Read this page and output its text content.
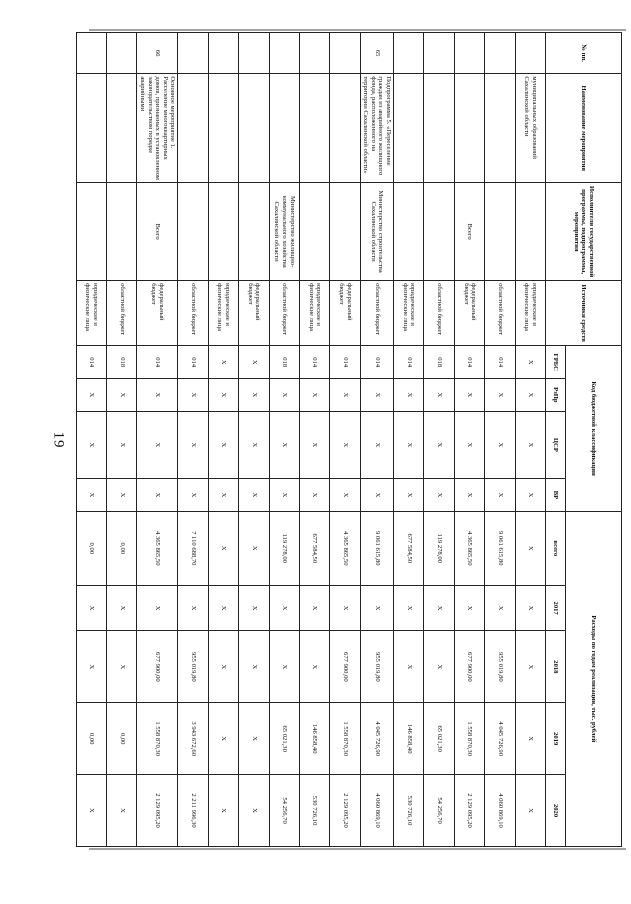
19
№ пп.	Наименование мероприятия	Исполнители государственной программы, подпрограммы, мероприятия	Источники средств	Код бюджетной классификации				Расходы по годам реализации, тыс. рублей				
				ГРБС	РзПр	ЦСР	ВР	всего	2017	2018	2019	2020
	муниципальных образований Сахалинской области		юридические и физические лица	X	X	X	X	X	X	X	X	X
			областной бюджет	014	X	X	X	9 061 615,80	X	955 019,80	4 045 726,90	4 060 869,10
		Всего	федеральный бюджет	014	X	X	X	4 365 865,50	X	677 900,00	1 558 870,30	2 129 095,20
			областной бюджет	018	X	X	X	119 278,00	X	X	65 021,30	54 256,70
			юридические и физические лица	014	X	X	X	677 584,50	X	X	146 858,40	530 726,10
65	Подпрограмма 5. «Переселение граждан из аварийного жилищного фонда, расположенного на территории Сахалинской области»	Министерство строительства Сахалинской области	областной бюджет	014	X	X	X	9 061 615,80	X	955 019,80	4 045 726,90	4 060 869,10
			федеральный бюджет	014	X	X	X	4 365 865,50	X	677 900,00	1 558 870,30	2 129 095,20
			юридические и физические лица	014	X	X	X	677 584,50	X	X	146 858,40	530 726,10
		Министерство жилищно-коммунального хозяйства Сахалинской области	областной бюджет	018	X	X	X	119 278,00	X	X	65 021,30	54 256,70
			федеральный бюджет	X	X	X	X	X	X	X	X	X
			юридические и физические лица	X	X	X	X	X	X	X	X	X
			областной бюджет	014	X	X	X	7 110 688,70	X	955 019,80	3 943 672,60	2 211 996,30
66	Основное мероприятие 1. Расселение многоквартирных домов, признанных в установленном законодательством порядке аварийными	Всего	федеральный бюджет	014	X	X	X	4 365 865,50	X	677 900,00	1 558 870,30	2 129 095,20
			областной бюджет	018	X	X	X	0,00	X	X	0,00	X
			юридические и физические лица	014	X	X	X	0,00	X	X	0,00	X
